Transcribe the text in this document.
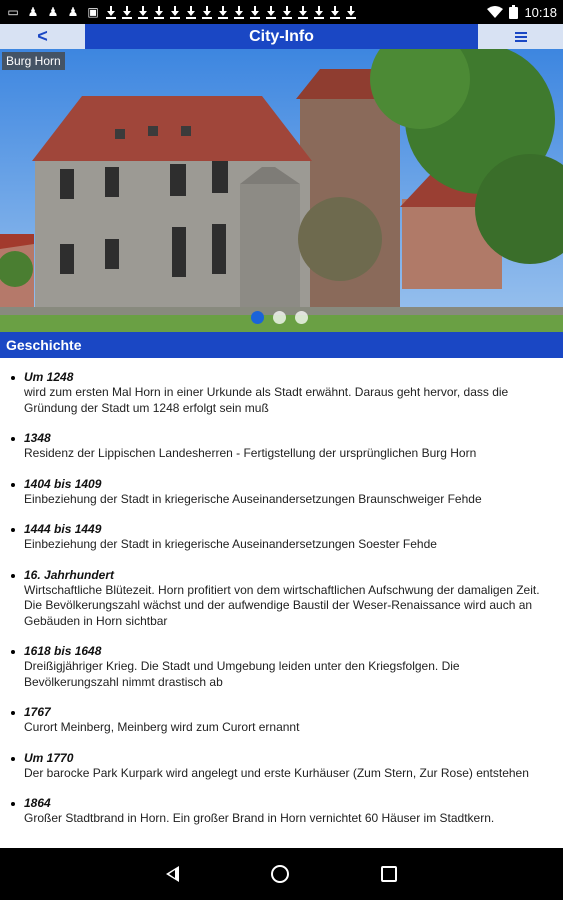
▭ ♟ ♟ ♟ ▣	10:18
<	City-Info
Burg Horn
Geschichte
Um 1248
wird zum ersten Mal Horn in einer Urkunde als Stadt erwähnt. Daraus geht hervor, dass die Gründung der Stadt um 1248 erfolgt sein muß
1348
Residenz der Lippischen Landesherren - Fertigstellung der ursprünglichen Burg Horn
1404 bis 1409
Einbeziehung der Stadt in kriegerische Auseinandersetzungen Braunschweiger Fehde
1444 bis 1449
Einbeziehung der Stadt in kriegerische Auseinandersetzungen Soester Fehde
16. Jahrhundert
Wirtschaftliche Blütezeit. Horn profitiert von dem wirtschaftlichen Aufschwung der damaligen Zeit. Die Bevölkerungszahl wächst und der aufwendige Baustil der Weser-Renaissance wird auch an Gebäuden in Horn sichtbar
1618 bis 1648
Dreißigjähriger Krieg. Die Stadt und Umgebung leiden unter den Kriegsfolgen. Die Bevölkerungszahl nimmt drastisch ab
1767
Curort Meinberg, Meinberg wird zum Curort ernannt
Um 1770
Der barocke Park Kurpark wird angelegt und erste Kurhäuser (Zum Stern, Zur Rose) entstehen
1864
Großer Stadtbrand in Horn. Ein großer Brand in Horn vernichtet 60 Häuser im Stadtkern.
